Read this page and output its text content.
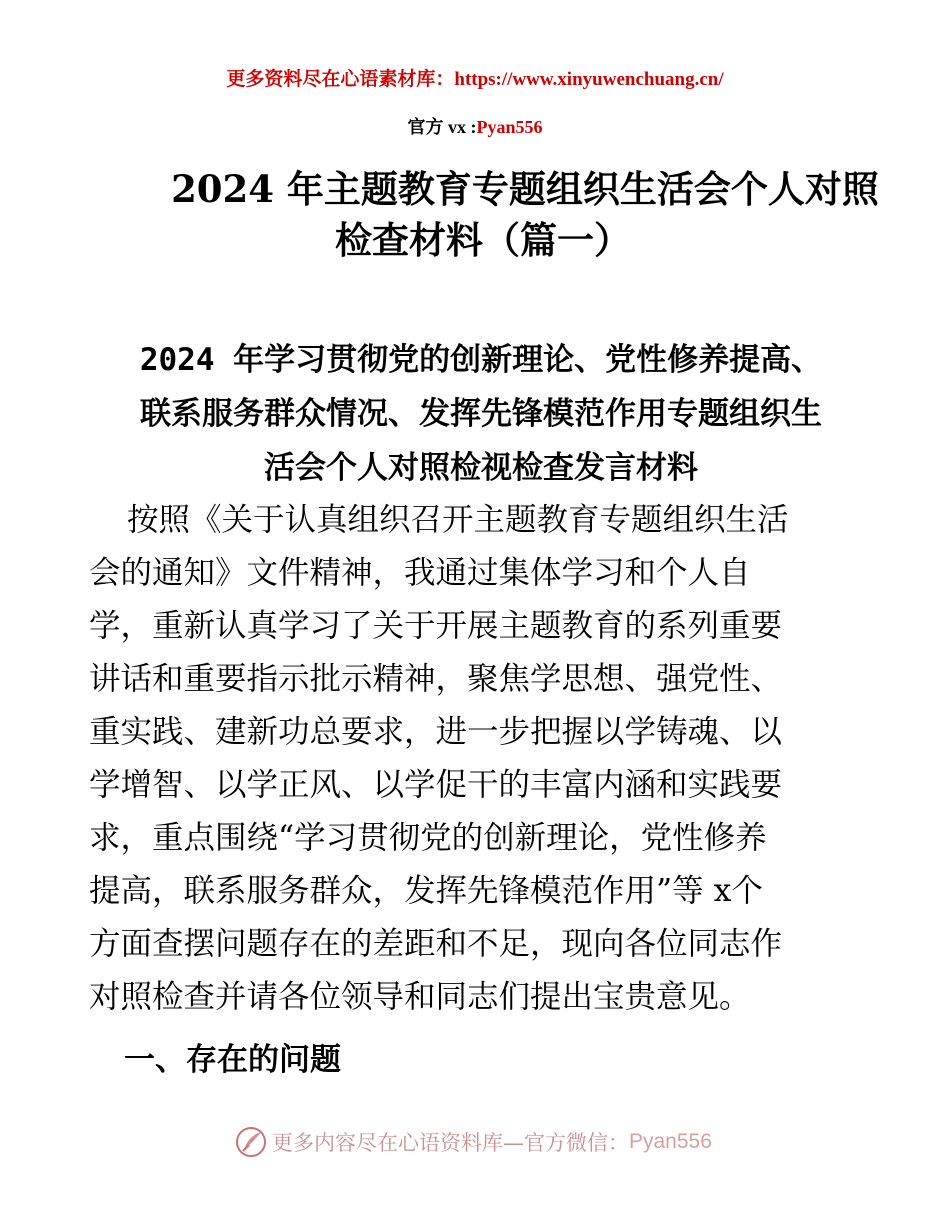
更多资料尽在心语素材库：https://www.xinyuwenchuang.cn/
官方 vx :Pyan556
2024 年主题教育专题组织生活会个人对照
检查材料（篇一）
2024 年学习贯彻党的创新理论、党性修养提高、
联系服务群众情况、发挥先锋模范作用专题组织生
活会个人对照检视检查发言材料
按照《关于认真组织召开主题教育专题组织生活
会的通知》文件精神，我通过集体学习和个人自
学，重新认真学习了关于开展主题教育的系列重要
讲话和重要指示批示精神，聚焦学思想、强党性、
重实践、建新功总要求，进一步把握以学铸魂、以
学增智、以学正风、以学促干的丰富内涵和实践要
求，重点围绕“学习贯彻党的创新理论，党性修养
提高，联系服务群众，发挥先锋模范作用”等 x个
方面查摆问题存在的差距和不足，现向各位同志作
对照检查并请各位领导和同志们提出宝贵意见。
一、存在的问题
更多内容尽在心语资料库—官方微信： Pyan556
